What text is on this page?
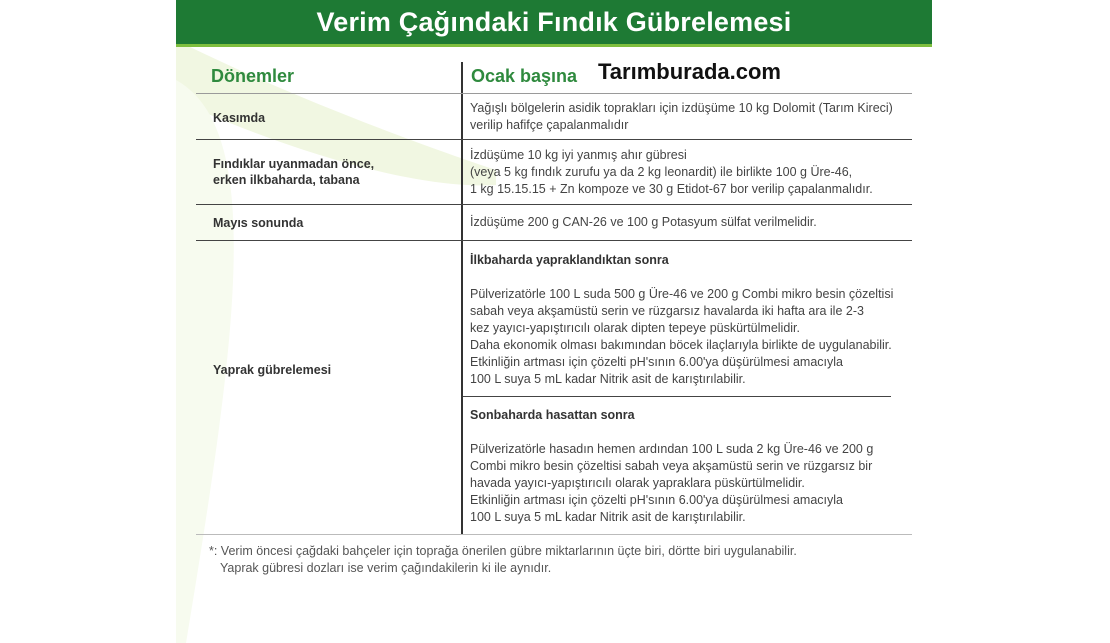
Verim Çağındaki Fındık Gübrelemesi
Tarımburada.com
Dönemler	Ocak başına
Kasımda

Yağışlı bölgelerin asidik toprakları için izdüşüme 10 kg Dolomit (Tarım Kireci)

verilip hafifçe çapalanmalıdır

Fındıklar uyanmadan önce,
erken ilkbaharda, tabana

İzdüşüme 10 kg iyi yanmış ahır gübresi

(veya 5 kg fındık zurufu ya da 2 kg leonardit) ile birlikte 100 g Üre-46,

1 kg 15.15.15 + Zn kompoze ve 30 g Etidot-67 bor verilip çapalanmalıdır.

Mayıs sonunda	İzdüşüme 200 g CAN-26 ve 100 g Potasyum sülfat verilmelidir.

Yaprak gübrelemesi

İlkbaharda yapraklandıktan sonra

Pülverizatörle 100 L suda 500 g Üre-46 ve 200 g Combi mikro besin çözeltisi

sabah veya akşamüstü serin ve rüzgarsız havalarda iki hafta ara ile 2-3

kez yayıcı-yapıştırıcılı olarak dipten tepeye püskürtülmelidir.

Daha ekonomik olması bakımından böcek ilaçlarıyla birlikte de uygulanabilir.

Etkinliğin artması için çözelti pH'sının 6.00'ya düşürülmesi amacıyla

100 L suya 5 mL kadar Nitrik asit de karıştırılabilir.

Sonbaharda hasattan sonra

Pülverizatörle hasadın hemen ardından 100 L suda 2 kg Üre-46 ve 200 g

Combi mikro besin çözeltisi sabah veya akşamüstü serin ve rüzgarsız bir

havada yayıcı-yapıştırıcılı olarak yapraklara püskürtülmelidir.

Etkinliğin artması için çözelti pH'sının 6.00'ya düşürülmesi amacıyla

100 L suya 5 mL kadar Nitrik asit de karıştırılabilir.

*: Verim öncesi çağdaki bahçeler için toprağa önerilen gübre miktarlarının üçte biri, dörtte biri uygulanabilir.

Yaprak gübresi dozları ise verim çağındakilerin ki ile aynıdır.
